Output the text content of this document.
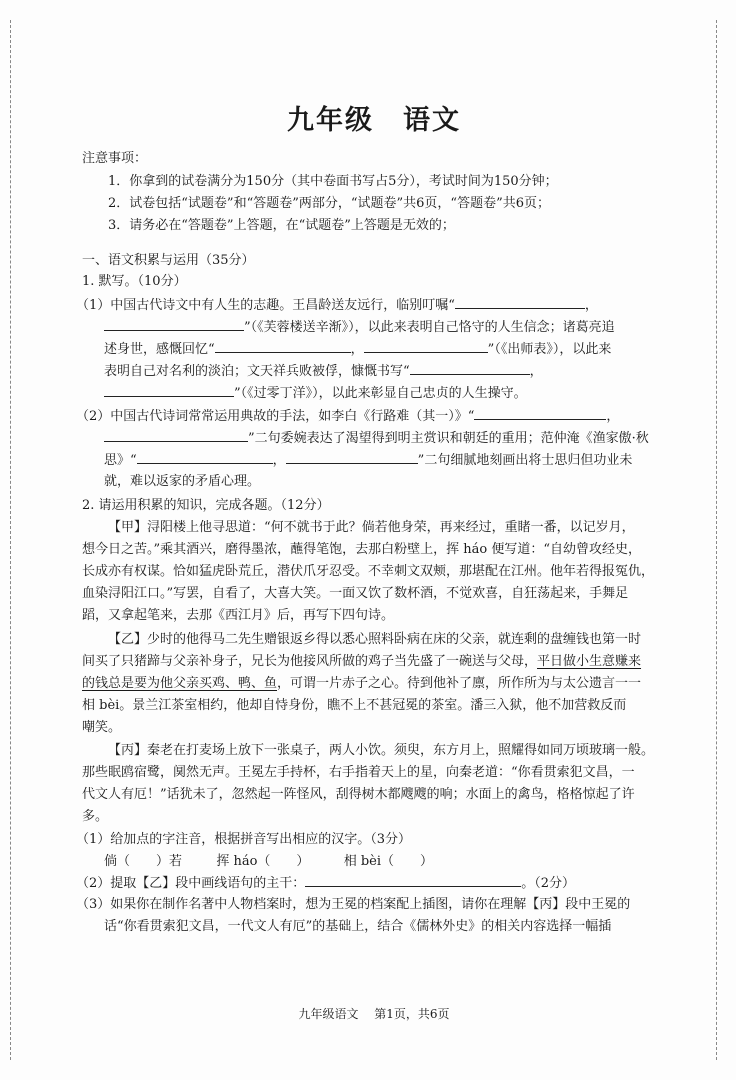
九年级　语文
注意事项：
1．你拿到的试卷满分为150分（其中卷面书写占5分），考试时间为150分钟；
2．试卷包括“试题卷”和“答题卷”两部分，“试题卷”共6页，“答题卷”共6页；
3．请务必在“答题卷”上答题，在“试题卷”上答题是无效的；
一、语文积累与运用（35分）
1. 默写。（10分）
（1）中国古代诗文中有人生的志趣。王昌龄送友远行，临别叮嘱“	，
”（《芙蓉楼送辛渐》），以此来表明自己恪守的人生信念；诸葛亮追
述身世，感慨回忆“	，	”（《出师表》），以此来
表明自己对名利的淡泊；文天祥兵败被俘，慷慨书写“	，
”（《过零丁洋》），以此来彰显自己忠贞的人生操守。
（2）中国古代诗词常常运用典故的手法，如李白《行路难（其一）》“	，
”二句委婉表达了渴望得到明主赏识和朝廷的重用；范仲淹《渔家傲·秋
思》“	，	”二句细腻地刻画出将士思归但功业未
就，难以返家的矛盾心理。
2. 请运用积累的知识，完成各题。（12分）
【甲】浔阳楼上他寻思道：“何不就书于此？倘若他身荣，再来经过，重睹一番，以记岁月，
想今日之苦。”乘其酒兴，磨得墨浓，蘸得笔饱，去那白粉壁上，挥 háo 便写道：“自幼曾攻经史，
长成亦有权谋。恰如猛虎卧荒丘，潜伏爪牙忍受。不幸刺文双颊，那堪配在江州。他年若得报冤仇，
血染浔阳江口。”写罢，自看了，大喜大笑。一面又饮了数杯酒，不觉欢喜，自狂荡起来，手舞足
蹈，又拿起笔来，去那《西江月》后，再写下四句诗。
【乙】少时的他得马二先生赠银返乡得以悉心照料卧病在床的父亲，就连剩的盘缠钱也第一时
间买了只猪蹄与父亲补身子，兄长为他接风所做的鸡子当先盛了一碗送与父母，平日做小生意赚来
的钱总是要为他父亲买鸡、鸭、鱼，可谓一片赤子之心。待到他补了廪，所作所为与太公遗言一一
相 bèi。景兰江茶室相约，他却自恃身份，瞧不上不甚冠冕的茶室。潘三入狱，他不加营救反而
嘲笑。
【丙】秦老在打麦场上放下一张桌子，两人小饮。须臾，东方月上，照耀得如同万顷玻璃一般。
那些眠鸥宿鹭，阒然无声。王冕左手持杯，右手指着天上的星，向秦老道：“你看贯索犯文昌，一
代文人有厄！”话犹未了，忽然起一阵怪风，刮得树木都飕飕的响；水面上的禽鸟，格格惊起了许
多。
（1）给加点的字注音，根据拼音写出相应的汉字。（3分）
倘（ ）若	挥 háo（ ）	相 bèi（ ）
（2）提取【乙】段中画线语句的主干：	。（2分）
（3）如果你在制作名著中人物档案时，想为王冕的档案配上插图，请你在理解【丙】段中王冕的
话“你看贯索犯文昌，一代文人有厄”的基础上，结合《儒林外史》的相关内容选择一幅插
九年级语文 第1页，共6页
